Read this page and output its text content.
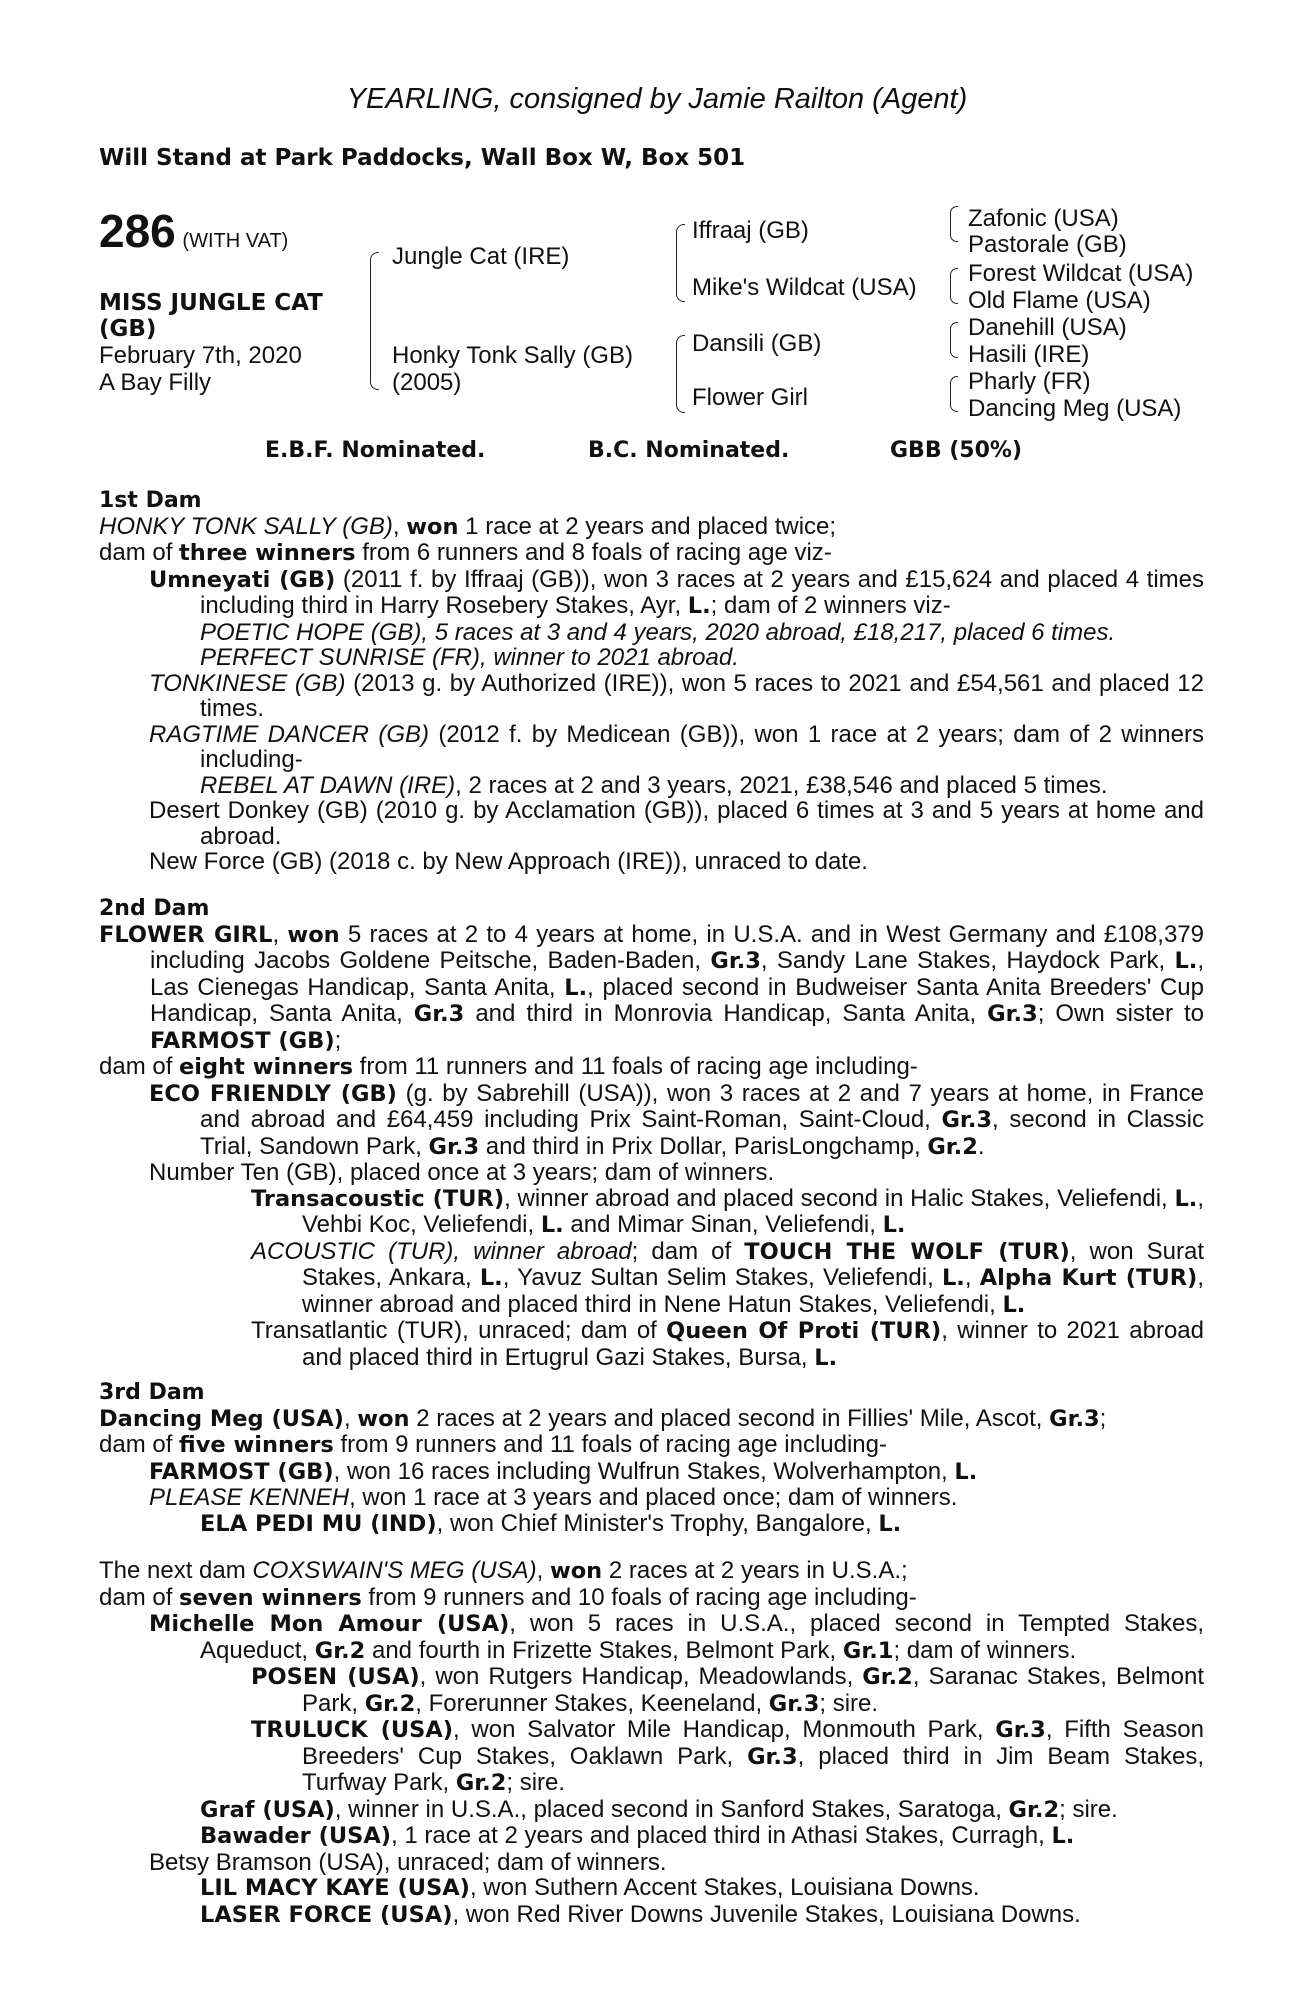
YEARLING, consigned by Jamie Railton (Agent)
Will Stand at Park Paddocks, Wall Box W, Box 501
286 (WITH VAT)
MISS JUNGLE CAT
(GB)
February 7th, 2020
A Bay Filly
Jungle Cat (IRE)
Honky Tonk Sally (GB)
(2005)
Iffraaj (GB)
Mike's Wildcat (USA)
Dansili (GB)
Flower Girl
Zafonic (USA)
Pastorale (GB)
Forest Wildcat (USA)
Old Flame (USA)
Danehill (USA)
Hasili (IRE)
Pharly (FR)
Dancing Meg (USA)
E.B.F. Nominated.	B.C. Nominated.	GBB (50%)
1st Dam
HONKY TONK SALLY (GB), won 1 race at 2 years and placed twice;
dam of three winners from 6 runners and 8 foals of racing age viz-
Umneyati (GB) (2011 f. by Iffraaj (GB)), won 3 races at 2 years and £15,624 and placed 4 times including third in Harry Rosebery Stakes, Ayr, L.; dam of 2 winners viz-
POETIC HOPE (GB), 5 races at 3 and 4 years, 2020 abroad, £18,217, placed 6 times.
PERFECT SUNRISE (FR), winner to 2021 abroad.
TONKINESE (GB) (2013 g. by Authorized (IRE)), won 5 races to 2021 and £54,561 and placed 12 times.
RAGTIME DANCER (GB) (2012 f. by Medicean (GB)), won 1 race at 2 years; dam of 2 winners including-
REBEL AT DAWN (IRE), 2 races at 2 and 3 years, 2021, £38,546 and placed 5 times.
Desert Donkey (GB) (2010 g. by Acclamation (GB)), placed 6 times at 3 and 5 years at home and abroad.
New Force (GB) (2018 c. by New Approach (IRE)), unraced to date.
2nd Dam
FLOWER GIRL, won 5 races at 2 to 4 years at home, in U.S.A. and in West Germany and £108,379 including Jacobs Goldene Peitsche, Baden-Baden, Gr.3, Sandy Lane Stakes, Haydock Park, L., Las Cienegas Handicap, Santa Anita, L., placed second in Budweiser Santa Anita Breeders' Cup Handicap, Santa Anita, Gr.3 and third in Monrovia Handicap, Santa Anita, Gr.3; Own sister to FARMOST (GB);
dam of eight winners from 11 runners and 11 foals of racing age including-
ECO FRIENDLY (GB) (g. by Sabrehill (USA)), won 3 races at 2 and 7 years at home, in France and abroad and £64,459 including Prix Saint-Roman, Saint-Cloud, Gr.3, second in Classic Trial, Sandown Park, Gr.3 and third in Prix Dollar, ParisLongchamp, Gr.2.
Number Ten (GB), placed once at 3 years; dam of winners.
Transacoustic (TUR), winner abroad and placed second in Halic Stakes, Veliefendi, L., Vehbi Koc, Veliefendi, L. and Mimar Sinan, Veliefendi, L.
ACOUSTIC (TUR), winner abroad; dam of TOUCH THE WOLF (TUR), won Surat Stakes, Ankara, L., Yavuz Sultan Selim Stakes, Veliefendi, L., Alpha Kurt (TUR), winner abroad and placed third in Nene Hatun Stakes, Veliefendi, L.
Transatlantic (TUR), unraced; dam of Queen Of Proti (TUR), winner to 2021 abroad and placed third in Ertugrul Gazi Stakes, Bursa, L.
3rd Dam
Dancing Meg (USA), won 2 races at 2 years and placed second in Fillies' Mile, Ascot, Gr.3;
dam of five winners from 9 runners and 11 foals of racing age including-
FARMOST (GB), won 16 races including Wulfrun Stakes, Wolverhampton, L.
PLEASE KENNEH, won 1 race at 3 years and placed once; dam of winners.
ELA PEDI MU (IND), won Chief Minister's Trophy, Bangalore, L.
The next dam COXSWAIN'S MEG (USA), won 2 races at 2 years in U.S.A.;
dam of seven winners from 9 runners and 10 foals of racing age including-
Michelle Mon Amour (USA), won 5 races in U.S.A., placed second in Tempted Stakes, Aqueduct, Gr.2 and fourth in Frizette Stakes, Belmont Park, Gr.1; dam of winners.
POSEN (USA), won Rutgers Handicap, Meadowlands, Gr.2, Saranac Stakes, Belmont Park, Gr.2, Forerunner Stakes, Keeneland, Gr.3; sire.
TRULUCK (USA), won Salvator Mile Handicap, Monmouth Park, Gr.3, Fifth Season Breeders' Cup Stakes, Oaklawn Park, Gr.3, placed third in Jim Beam Stakes, Turfway Park, Gr.2; sire.
Graf (USA), winner in U.S.A., placed second in Sanford Stakes, Saratoga, Gr.2; sire.
Bawader (USA), 1 race at 2 years and placed third in Athasi Stakes, Curragh, L.
Betsy Bramson (USA), unraced; dam of winners.
LIL MACY KAYE (USA), won Suthern Accent Stakes, Louisiana Downs.
LASER FORCE (USA), won Red River Downs Juvenile Stakes, Louisiana Downs.
